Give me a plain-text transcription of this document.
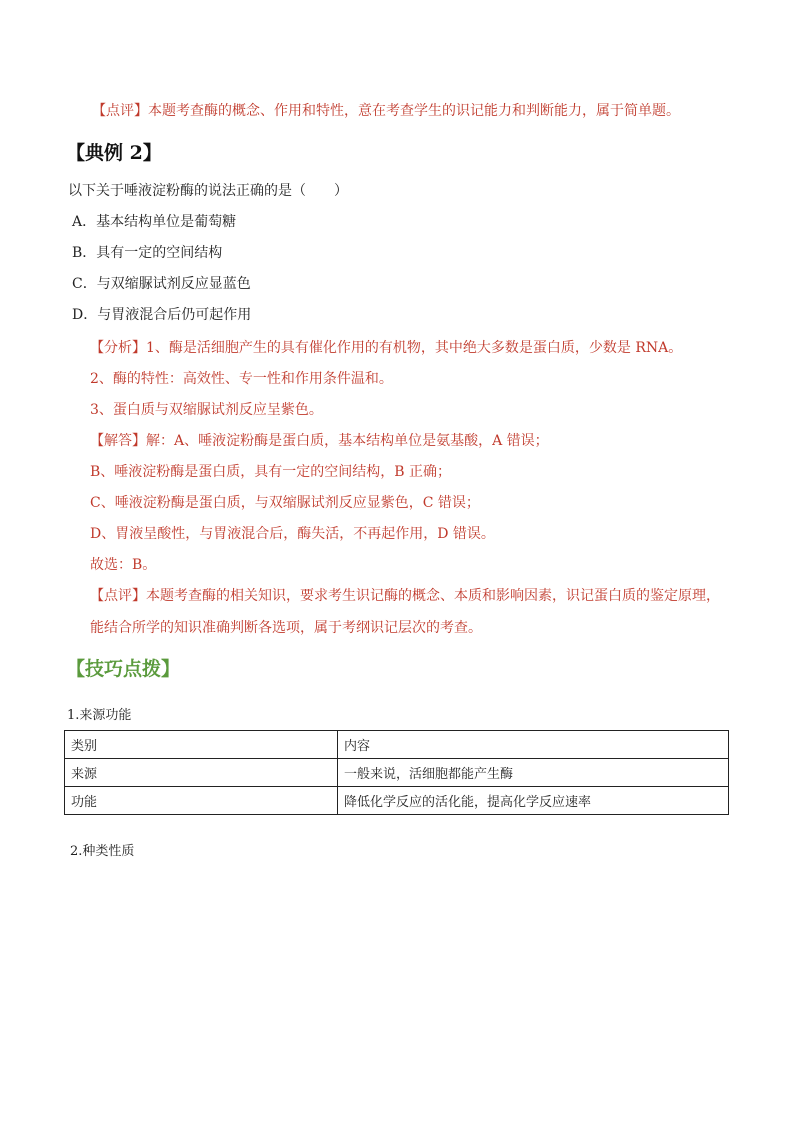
【点评】本题考查酶的概念、作用和特性，意在考查学生的识记能力和判断能力，属于简单题。
【典例 2】
以下关于唾液淀粉酶的说法正确的是（　　）
A．基本结构单位是葡萄糖
B．具有一定的空间结构
C．与双缩脲试剂反应显蓝色
D．与胃液混合后仍可起作用
【分析】1、酶是活细胞产生的具有催化作用的有机物，其中绝大多数是蛋白质，少数是 RNA。
2、酶的特性：高效性、专一性和作用条件温和。
3、蛋白质与双缩脲试剂反应呈紫色。
【解答】解：A、唾液淀粉酶是蛋白质，基本结构单位是氨基酸，A 错误；
B、唾液淀粉酶是蛋白质，具有一定的空间结构，B 正确；
C、唾液淀粉酶是蛋白质，与双缩脲试剂反应显紫色，C 错误；
D、胃液呈酸性，与胃液混合后，酶失活，不再起作用，D 错误。
故选：B。
【点评】本题考查酶的相关知识，要求考生识记酶的概念、本质和影响因素，识记蛋白质的鉴定原理，
能结合所学的知识准确判断各选项，属于考纲识记层次的考查。
【技巧点拨】
1.来源功能
类别	内容
来源	一般来说，活细胞都能产生酶
功能	降低化学反应的活化能，提高化学反应速率
2.种类性质
